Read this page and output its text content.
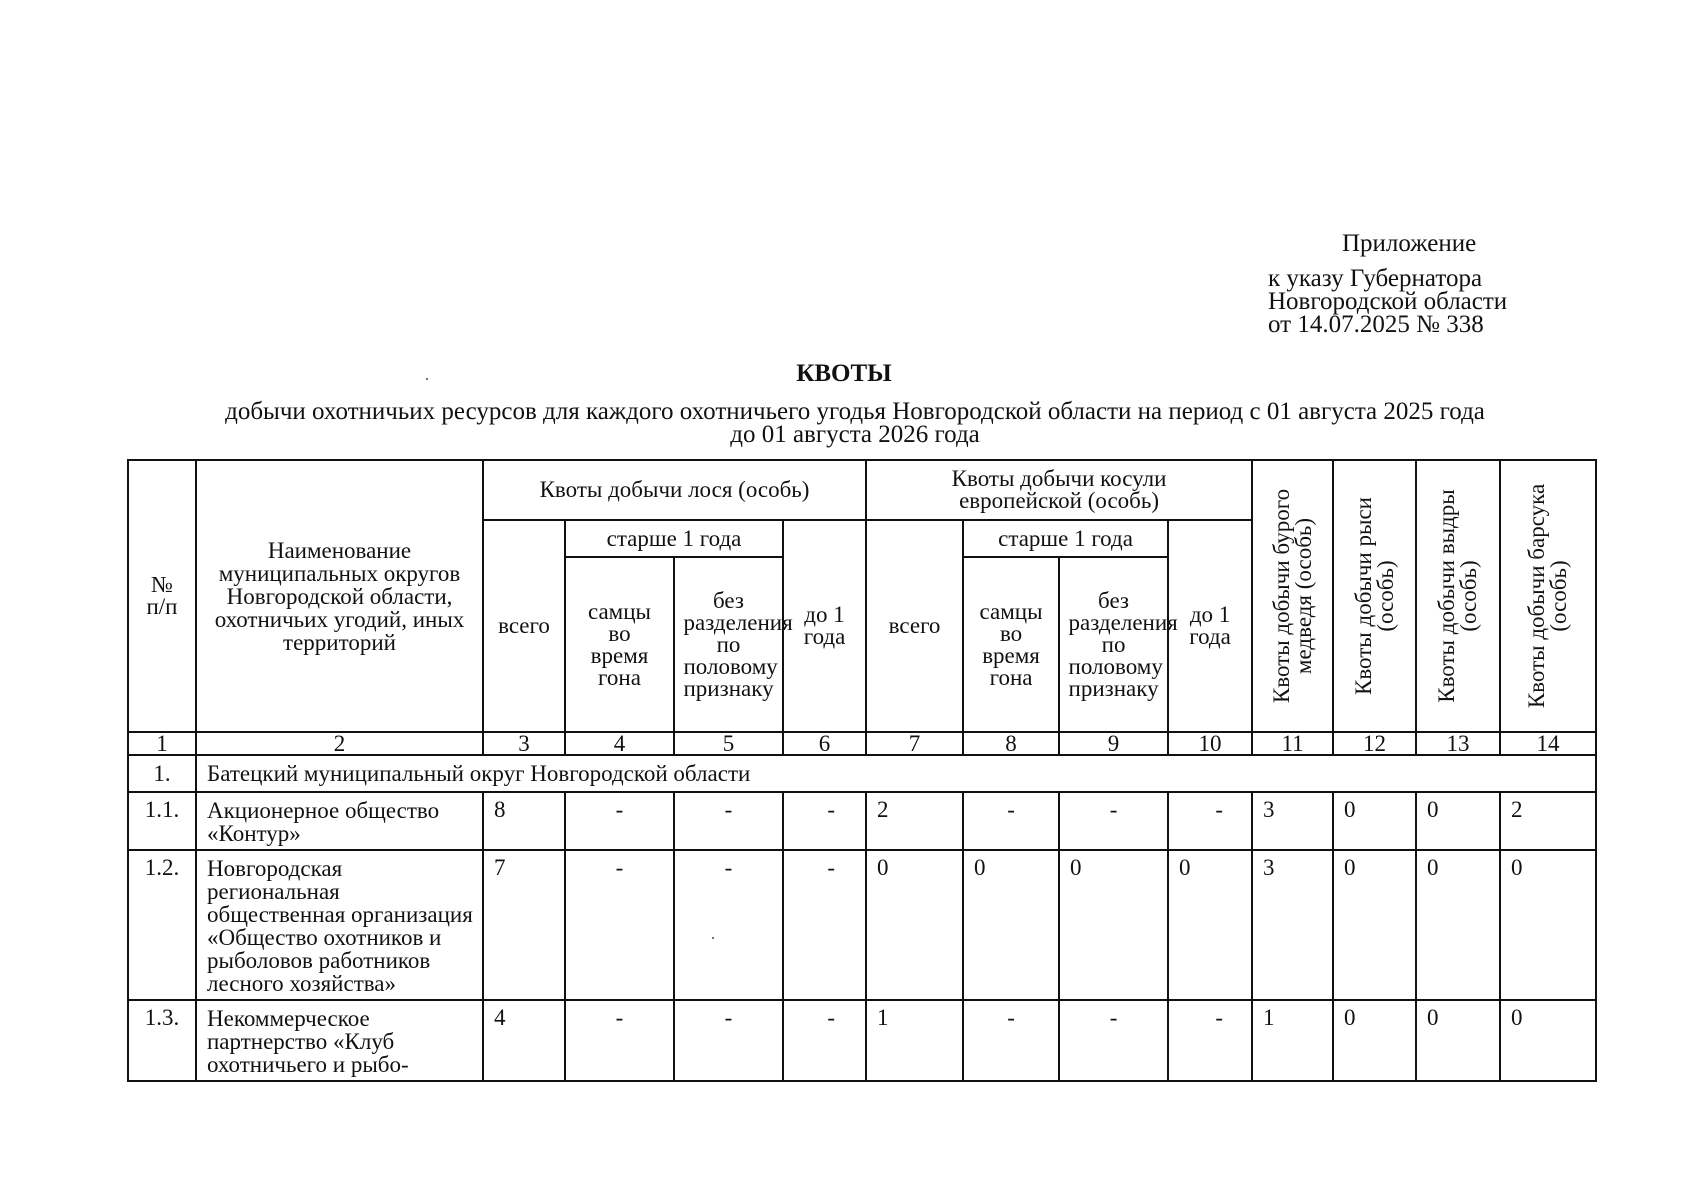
Приложение
к указу Губернатора
Новгородской области
от 14.07.2025 № 338
КВОТЫ
добычи охотничьих ресурсов для каждого охотничьего угодья Новгородской области на период с 01 августа 2025 года
до 01 августа 2026 года
№ п/п	Наименование муниципальных округов Новгородской области, охотничьих угодий, иных территорий	Квоты добычи лося (особь)				Квоты добычи косули европейской (особь)				Квоты добычи бурого медведя (особь)	Квоты добычи рыси (особь)	Квоты добычи выдры (особь)	Квоты добычи барсука (особь)

		всего	старше 1 года		до 1 года	всего	старше 1 года		до 1 года				

			самцы во время гона	без разделения по половому признаку			самцы во время гона	без разделения по половому признаку					

1	2	3	4	5	6	7	8	9	10	11	12	13	14
1.	Батецкий муниципальный округ Новгородской области												
1.1.	Акционерное общество «Контур»	8	-	-	-	2	-	-	-	3	0	0	2
1.2.	Новгородская региональная общественная организация «Общество охотников и рыболовов работников лесного хозяйства»	7	-	-	-	0	0	0	0	3	0	0	0
1.3.	Некоммерческое партнерство «Клуб охотничьего и рыбо-	4	-	-	-	1	-	-	-	1	0	0	0
